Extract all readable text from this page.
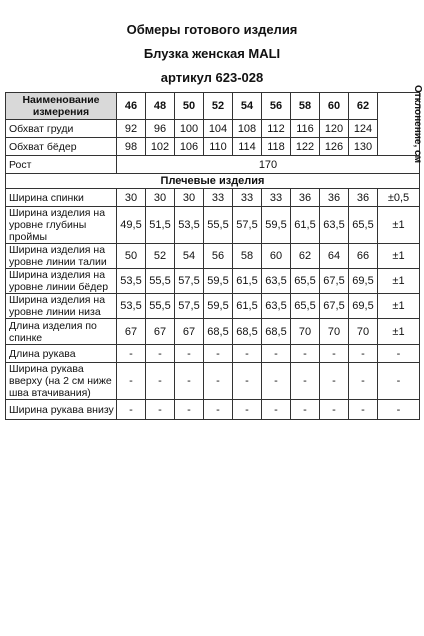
Обмеры готового изделия
Блузка женская MALI
артикул 623-028
Наименование измерения	46	48	50	52	54	56	58	60	62	Отклонение, см
Обхват груди	92	96	100	104	108	112	116	120	124	
Обхват бёдер	98	102	106	110	114	118	122	126	130	
Рост	170									
Плечевые изделия										
Ширина спинки	30	30	30	33	33	33	36	36	36	±0,5
Ширина изделия на уровне глубины проймы	49,5	51,5	53,5	55,5	57,5	59,5	61,5	63,5	65,5	±1
Ширина изделия на уровне линии талии	50	52	54	56	58	60	62	64	66	±1
Ширина изделия на уровне линии бёдер	53,5	55,5	57,5	59,5	61,5	63,5	65,5	67,5	69,5	±1
Ширина изделия на уровне линии низа	53,5	55,5	57,5	59,5	61,5	63,5	65,5	67,5	69,5	±1
Длина изделия по спинке	67	67	67	68,5	68,5	68,5	70	70	70	±1
Длина рукава	-	-	-	-	-	-	-	-	-	-
Ширина рукава вверху (на 2 см ниже шва втачивания)	-	-	-	-	-	-	-	-	-	-
Ширина рукава внизу	-	-	-	-	-	-	-	-	-	-
